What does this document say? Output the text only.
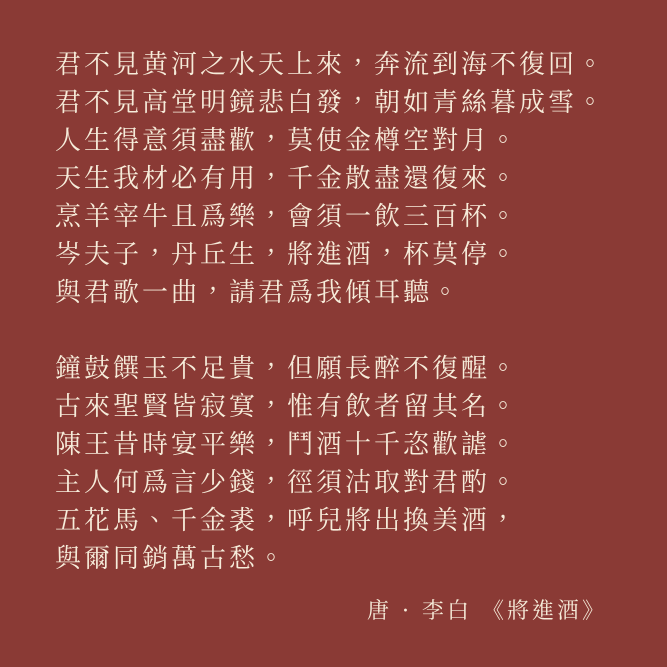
君不見黄河之水天上來，奔流到海不復回。
君不見高堂明鏡悲白發，朝如青絲暮成雪。
人生得意須盡歡，莫使金樽空對月。
天生我材必有用，千金散盡還復來。
烹羊宰牛且爲樂，會須一飲三百杯。
岑夫子，丹丘生，將進酒，杯莫停。
與君歌一曲，請君爲我傾耳聽。
鐘鼓饌玉不足貴，但願長醉不復醒。
古來聖賢皆寂寞，惟有飲者留其名。
陳王昔時宴平樂，鬥酒十千恣歡謔。
主人何爲言少錢，徑須沽取對君酌。
五花馬、千金裘，呼兒將出換美酒，
與爾同銷萬古愁。
唐 · 李白 《將進酒》
